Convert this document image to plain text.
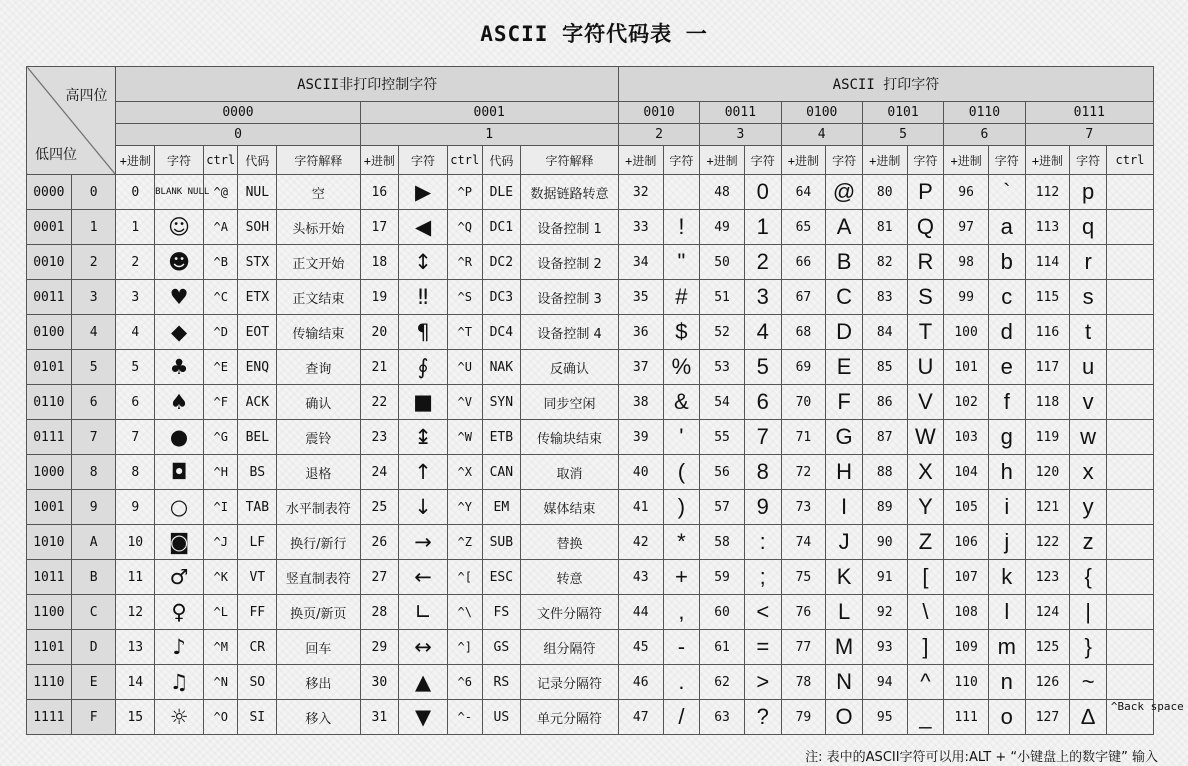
ASCII 字符代码表 一
高四位
低四位		ASCII非打印控制字符										ASCII 打印字符												
		0000					0001					0010		0011		0100		0101		0110		0111		
		0					1					2		3		4		5		6		7		
		+进制	字符	ctrl	代码	字符解释	+进制	字符	ctrl	代码	字符解释	+进制	字符	+进制	字符	+进制	字符	+进制	字符	+进制	字符	+进制	字符	ctrl
0000	0	0	BLANK NULL	^@	NUL	空	16	▶	^P	DLE	数据链路转意	32		48	0	64	@	80	P	96	`	112	p	
0001	1	1	☺	^A	SOH	头标开始	17	◀	^Q	DC1	设备控制 1	33	!	49	1	65	A	81	Q	97	a	113	q	
0010	2	2	☻	^B	STX	正文开始	18	↕	^R	DC2	设备控制 2	34	"	50	2	66	B	82	R	98	b	114	r	
0011	3	3	♥	^C	ETX	正文结束	19	‼	^S	DC3	设备控制 3	35	#	51	3	67	C	83	S	99	c	115	s	
0100	4	4	◆	^D	EOT	传输结束	20	¶	^T	DC4	设备控制 4	36	$	52	4	68	D	84	T	100	d	116	t	
0101	5	5	♣	^E	ENQ	查询	21	∮	^U	NAK	反确认	37	%	53	5	69	E	85	U	101	e	117	u	
0110	6	6	♠	^F	ACK	确认	22	■	^V	SYN	同步空闲	38	&	54	6	70	F	86	V	102	f	118	v	
0111	7	7	●	^G	BEL	震铃	23	↨	^W	ETB	传输块结束	39	'	55	7	71	G	87	W	103	g	119	w	
1000	8	8	◘	^H	BS	退格	24	↑	^X	CAN	取消	40	(	56	8	72	H	88	X	104	h	120	x	
1001	9	9	○	^I	TAB	水平制表符	25	↓	^Y	EM	媒体结束	41	)	57	9	73	I	89	Y	105	i	121	y	
1010	A	10	◙	^J	LF	换行/新行	26	→	^Z	SUB	替换	42	*	58	:	74	J	90	Z	106	j	122	z	
1011	B	11	♂	^K	VT	竖直制表符	27	←	^[	ESC	转意	43	+	59	;	75	K	91	[	107	k	123	{	
1100	C	12	♀	^L	FF	换页/新页	28	∟	^\	FS	文件分隔符	44	,	60	<	76	L	92	\	108	l	124	|	
1101	D	13	♪	^M	CR	回车	29	↔	^]	GS	组分隔符	45	-	61	=	77	M	93	]	109	m	125	}	
1110	E	14	♫	^N	SO	移出	30	▲	^6	RS	记录分隔符	46	.	62	>	78	N	94	^	110	n	126	~	
1111	F	15	☼	^O	SI	移入	31	▼	^-	US	单元分隔符	47	/	63	?	79	O	95	_	111	o	127	∆	^Back space
注: 表中的ASCII字符可以用:ALT + “小键盘上的数字键” 输入
